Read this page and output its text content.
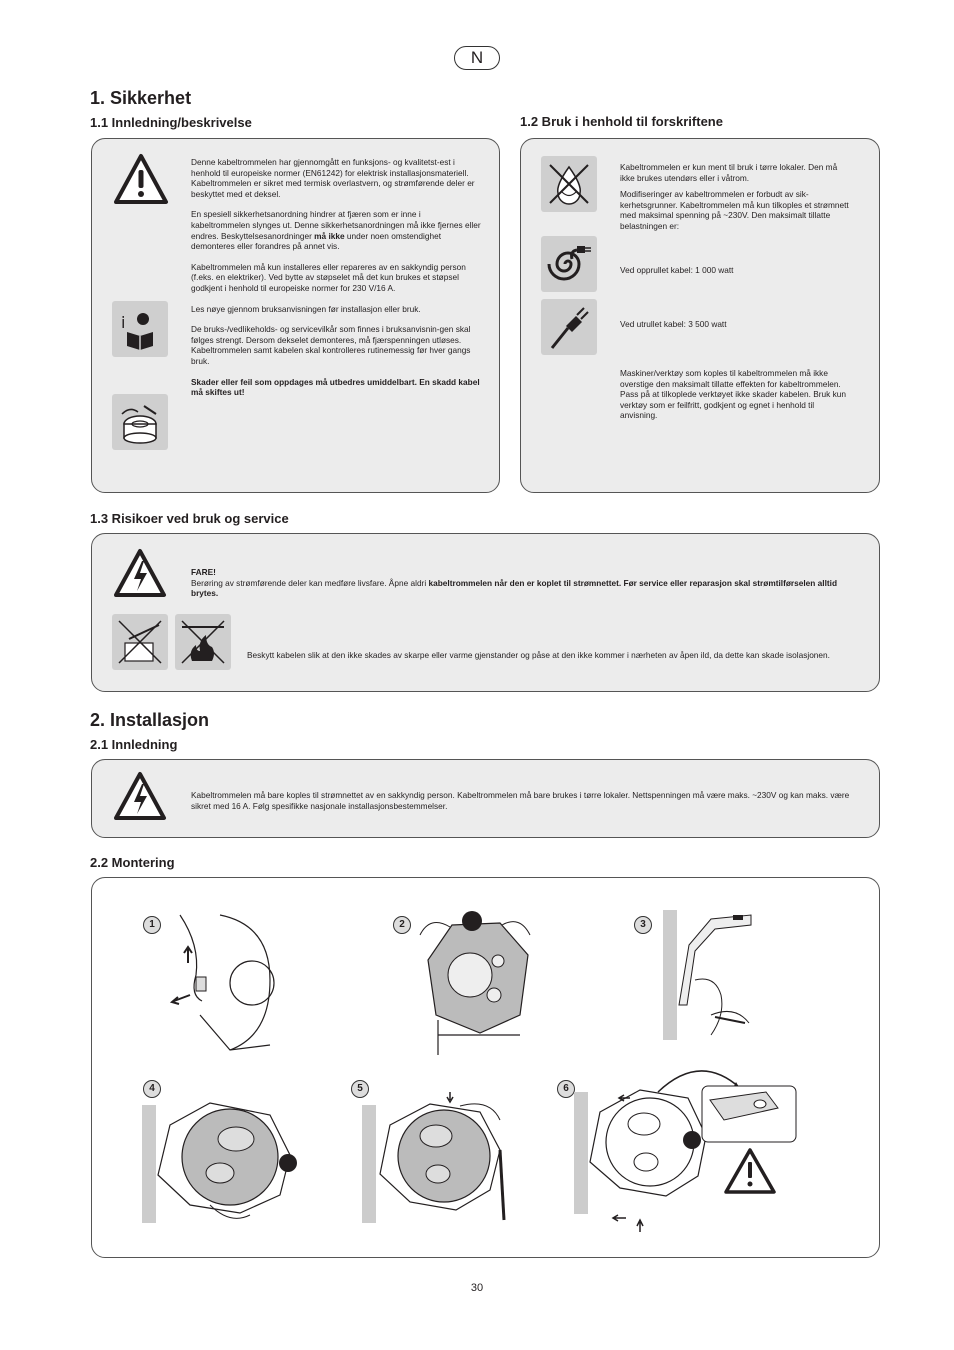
N
1. Sikkerhet
1.1 Innledning/beskrivelse	1.2 Bruk i henhold til forskriftene
i

Denne kabeltrommelen har gjennomgått en funksjons- og kvalitetst-est i henhold til europeiske normer (EN61242) for elektrisk installasjonsmateriell. Kabeltrommelen er sikret med termisk overlastvern, og strømførende deler er beskyttet med et deksel.

En spesiell sikkerhetsanordning hindrer at fjæren som er inne i kabeltrommelen slynges ut. Denne sikkerhetsanordningen må ikke fjernes eller endres. Beskyttelsesanordninger må ikke under noen omstendighet demonteres eller forandres på annet vis.

Kabeltrommelen må kun installeres eller repareres av en sakkyndig person (f.eks. en elektriker). Ved bytte av støpselet må det kun brukes et støpsel godkjent i henhold til europeiske normer for 230 V/16 A.

Les nøye gjennom bruksanvisningen før installasjon eller bruk.

De bruks-/vedlikeholds- og servicevilkår som finnes i bruksanvisnin-gen skal følges strengt. Dersom dekselet demonteres, må fjærspenningen utløses. Kabeltrommelen samt kabelen skal kontrolleres rutinemessig før hver gangs bruk.

Skader eller feil som oppdages må utbedres umiddelbart. En skadd kabel må skiftes ut!

Kabeltrommelen er kun ment til bruk i tørre lokaler. Den må ikke brukes utendørs eller i våtrom.

Modifiseringer av kabeltrommelen er forbudt av sik-kerhetsgrunner. Kabeltrommelen må kun tilkoples et strømnett med maksimal spenning på ~230V. Den maksimalt tillatte belastningen er:

Ved opprullet kabel: 1 000 watt
Ved utrullet kabel: 3 500 watt
Maskiner/verktøy som koples til kabeltrommelen må ikke overstige den maksimalt tillatte effekten for kabeltrommelen. Pass på at tilkoplede verktøyet ikke skader kabelen. Bruk kun verktøy som er feilfritt, godkjent og egnet i henhold til anvisning.
1.3 Risikoer ved bruk og service
FARE!
Berøring av strømførende deler kan medføre livsfare. Åpne aldri kabeltrommelen når den er koplet til strømnettet. Før service eller reparasjon skal strømtilførselen alltid brytes.
Beskytt kabelen slik at den ikke skades av skarpe eller varme gjenstander og påse at den ikke kommer i nærheten av åpen ild, da dette kan skade isolasjonen.
2. Installasjon
2.1 Innledning
Kabeltrommelen må bare koples til strømnettet av en sakkyndig person. Kabeltrommelen må bare brukes i tørre lokaler. Nettspenningen må være maks. ~230V og kan maks. være sikret med 16 A. Følg spesifikke nasjonale installasjonsbestemmelser.
2.2 Montering
1	2	3
4	5	6
30
